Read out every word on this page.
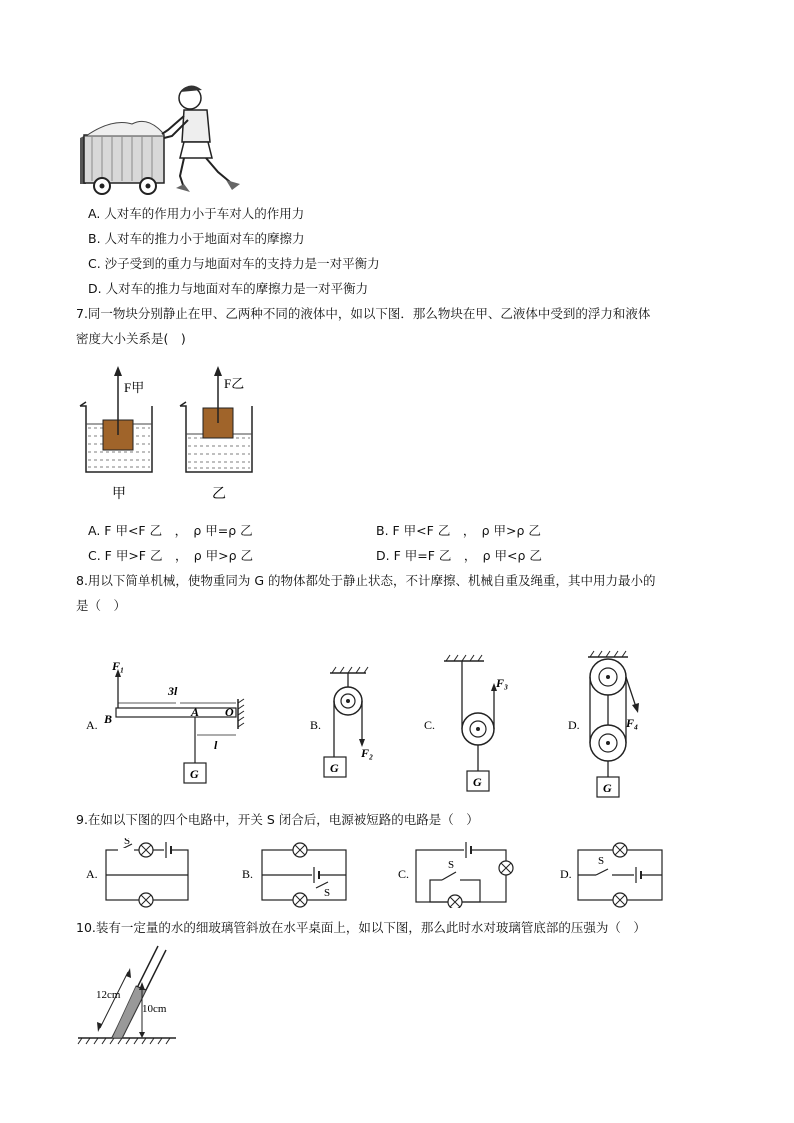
A. 人对车的作用力小于车对人的作用力
B. 人对车的推力小于地面对车的摩擦力
C. 沙子受到的重力与地面对车的支持力是一对平衡力
D. 人对车的推力与地面对车的摩擦力是一对平衡力
7.同一物块分别静止在甲、乙两种不同的液体中，如以下图．那么物块在甲、乙液体中受到的浮力和液体
密度大小关系是(　)
F甲
甲
F乙
乙
A. F 甲<F 乙　，　ρ 甲=ρ 乙	B. F 甲<F 乙　，　ρ 甲>ρ 乙
C. F 甲>F 乙　，　ρ 甲>ρ 乙	D. F 甲=F 乙　，　ρ 甲<ρ 乙
8.用以下简单机械，使物重同为 G 的物体都处于静止状态，不计摩擦、机械自重及绳重，其中用力最小的
是（　）
A.
F₁
B	A O
3l
l
G
B.
F₂
G
C.
F₃
G
D.	F₄
G
9.在如以下图的四个电路中，开关 S 闭合后，电源被短路的电路是（　）
A.
S
B.
S
C.
S
D.
S
10.装有一定量的水的细玻璃管斜放在水平桌面上，如以下图，那么此时水对玻璃管底部的压强为（　）
12cm
10cm
